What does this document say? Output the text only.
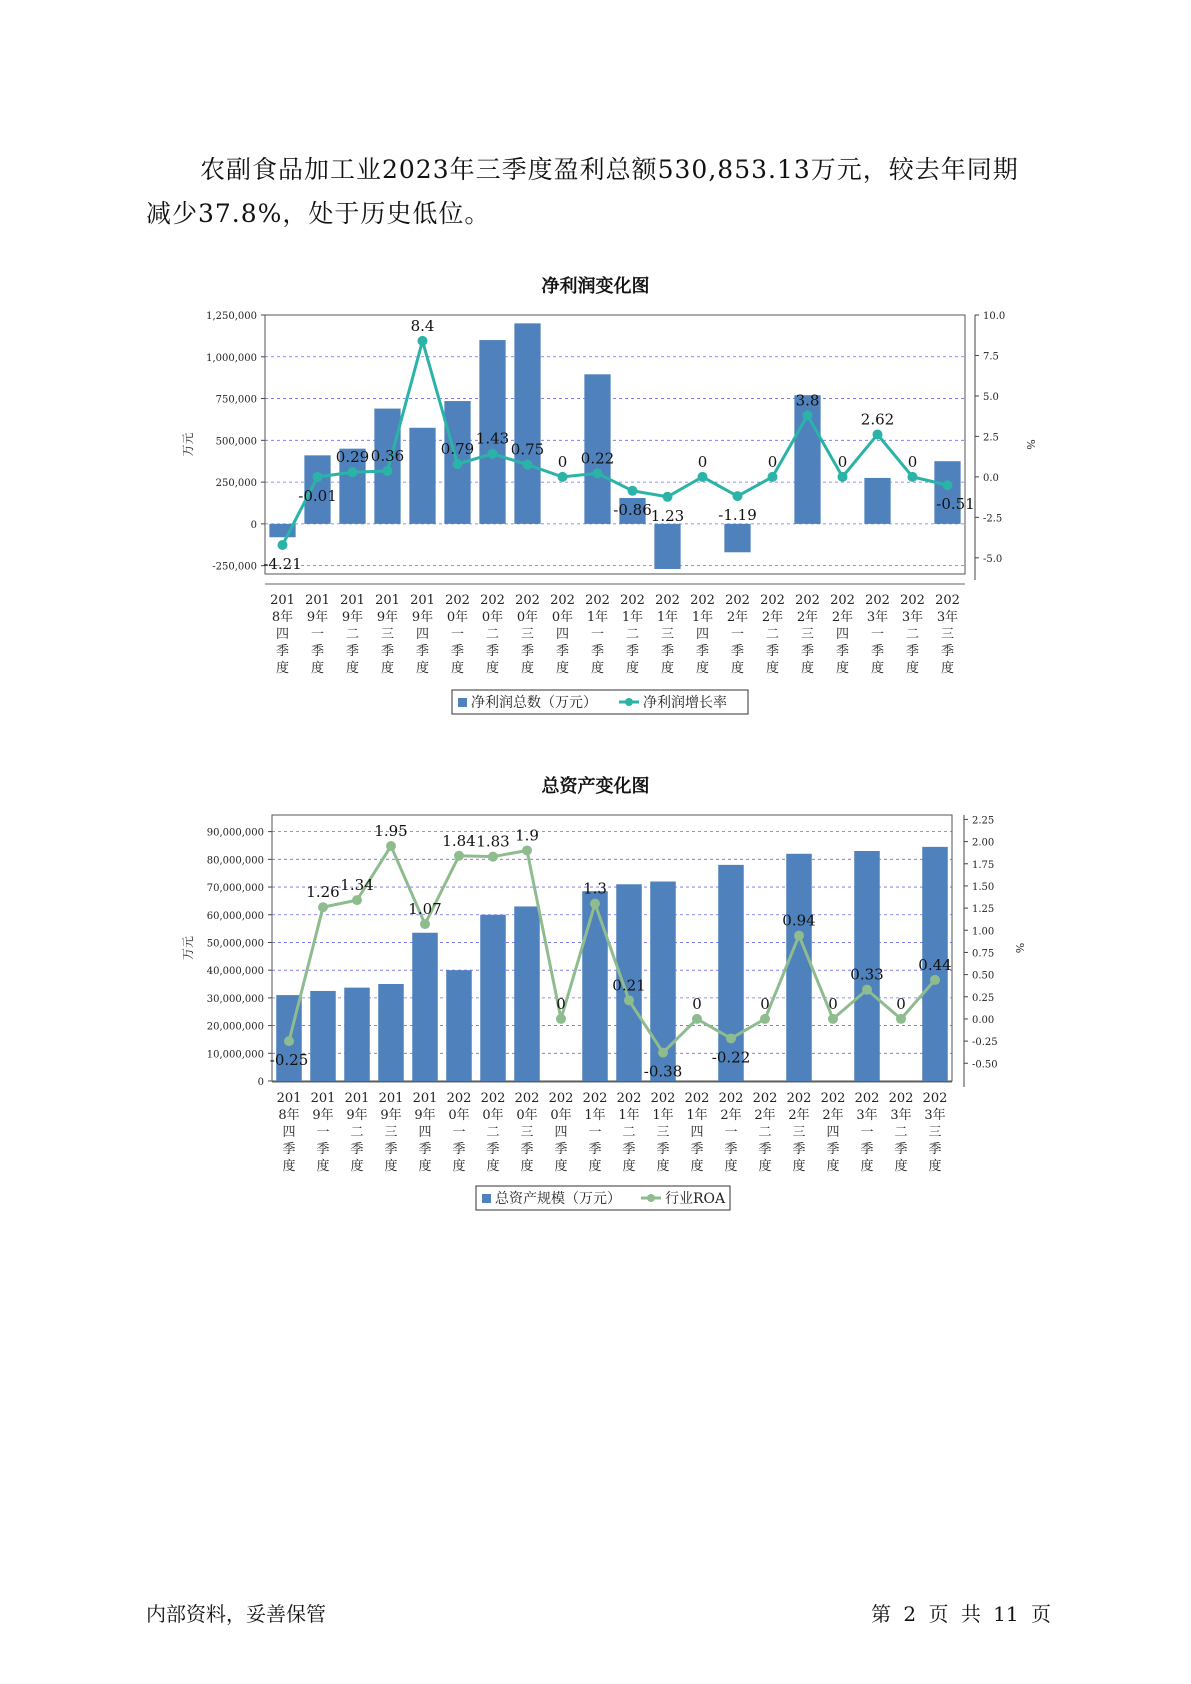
农副食品加工业2023年三季度盈利总额530,853.13万元，较去年同期
减少37.8%，处于历史低位。
净利润变化图
-250,000
0
250,000
500,000
750,000
1,000,000
1,250,000
-5.0
-2.5
0.0
2.5
5.0
7.5
10.0
万元	%
-4.21
-0.01
0.29 0.36
8.4
0.79
1.43
0.75
0 0.22
-0.86 1.23
0
-1.19
0
3.8
0
2.62
0
-0.51
201
8年
四
季
度
201
9年
一
季
度
201
9年
二
季
度
201
9年
三
季
度
201
9年
四
季
度
202
0年
一
季
度
202
0年
二
季
度
202
0年
三
季
度
202
0年
四
季
度
202
1年
一
季
度
202
1年
二
季
度
202
1年
三
季
度
202
1年
四
季
度
202
2年
一
季
度
202
2年
二
季
度
202
2年
三
季
度
202
2年
四
季
度
202
3年
一
季
度
202
3年
二
季
度
202
3年
三
季
度
净利润总数（万元）	净利润增长率
总资产变化图
0
10,000,000
20,000,000
30,000,000
40,000,000
50,000,000
60,000,000
70,000,000
80,000,000
90,000,000
-0.50
-0.25
0.00
0.25
0.50
0.75
1.00
1.25
1.50
1.75
2.00
2.25
万元	%
-0.25
1.26 1.34
1.95
1.07
1.84 1.83 1.9
0
1.3
0.21
-0.38
0
-0.22
0
0.94
0
0.33
0
0.44
201
8年
四
季
度
201
9年
一
季
度
201
9年
二
季
度
201
9年
三
季
度
201
9年
四
季
度
202
0年
一
季
度
202
0年
二
季
度
202
0年
三
季
度
202
0年
四
季
度
202
1年
一
季
度
202
1年
二
季
度
202
1年
三
季
度
202
1年
四
季
度
202
2年
一
季
度
202
2年
二
季
度
202
2年
三
季
度
202
2年
四
季
度
202
3年
一
季
度
202
3年
二
季
度
202
3年
三
季
度
总资产规模（万元）	行业ROA
内部资料，妥善保管	第 2 页 共 11 页
